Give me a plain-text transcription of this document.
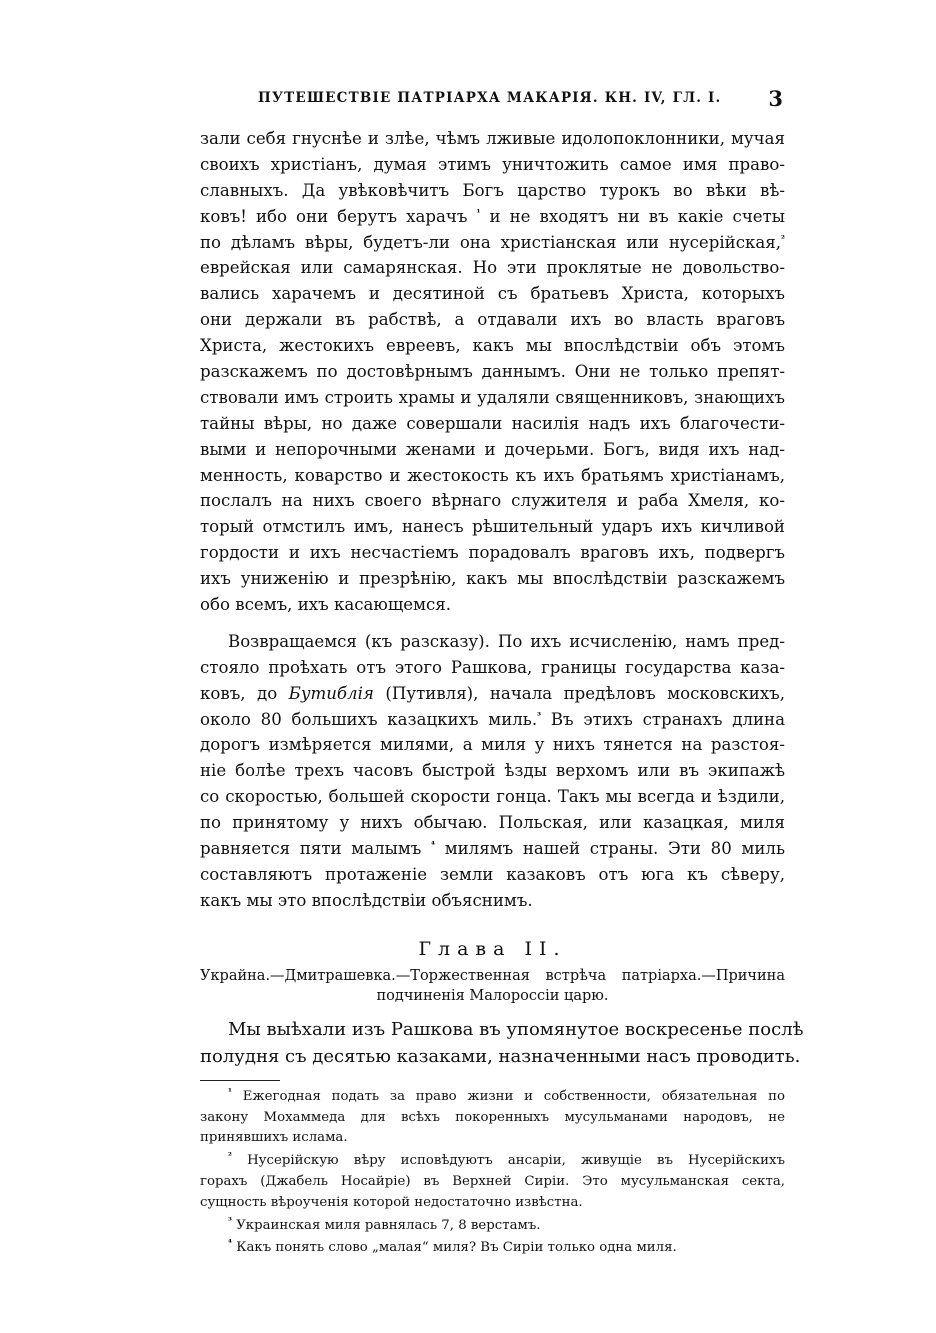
ПУТЕШЕСТВІЕ ПАТРІАРХА МАКАРІЯ. КН. IV, ГЛ. I. 3
зали себя гнуснѣе и злѣе, чѣмъ лживые идолопоклонники, мучая
своихъ христіанъ, думая этимъ уничтожить самое имя право-
славныхъ. Да увѣковѣчитъ Богъ царство турокъ во вѣки вѣ-
ковъ! ибо они берутъ харачъ $^{^1}$ и не входятъ ни въ какіе счеты
по дѣламъ вѣры, будетъ-ли она христіанская или нусерійская,$^{^2}$
еврейская или самарянская. Но эти проклятые не довольство-
вались харачемъ и десятиной съ братьевъ Христа, которыхъ
они держали въ рабствѣ, а отдавали ихъ во власть враговъ
Христа, жестокихъ евреевъ, какъ мы впослѣдствіи объ этомъ
разскажемъ по достовѣрнымъ даннымъ. Они не только препят-
ствовали имъ строить храмы и удаляли священниковъ, знающихъ
тайны вѣры, но даже совершали насилія надъ ихъ благочести-
выми и непорочными женами и дочерьми. Богъ, видя ихъ над-
менность, коварство и жестокость къ ихъ братьямъ христіанамъ,
послалъ на нихъ своего вѣрнаго служителя и раба Хмеля, ко-
торый отмстилъ имъ, нанесъ рѣшительный ударъ ихъ кичливой
гордости и ихъ несчастіемъ порадовалъ враговъ ихъ, подвергъ
ихъ униженію и презрѣнію, какъ мы впослѣдствіи разскажемъ
обо всемъ, ихъ касающемся.
Возвращаемся (къ разсказу). По ихъ исчисленію, намъ пред-
стояло проѣхать отъ этого Рашкова, границы государства каза-
ковъ, до Бутиблія (Путивля), начала предѣловъ московскихъ,
около 80 большихъ казацкихъ миль.$^{^3}$ Въ этихъ странахъ длина
дорогъ измѣряется милями, а миля у нихъ тянется на разстоя-
ніе болѣе трехъ часовъ быстрой ѣзды верхомъ или въ экипажѣ
со скоростью, большей скорости гонца. Такъ мы всегда и ѣздили,
по принятому у нихъ обычаю. Польская, или казацкая, миля
равняется пяти малымъ $^{^4}$ милямъ нашей страны. Эти 80 миль
составляютъ протаженіе земли казаковъ отъ юга къ сѣверу,
какъ мы это впослѣдствіи объяснимъ.
Глава II.
Украйна.—Дмитрашевка.—Торжественная встрѣча патріарха.—Причина
подчиненія Малороссіи царю.
Мы выѣхали изъ Рашкова въ упомянутое воскресенье послѣ
полудня съ десятью казаками, назначенными насъ проводить.
$^{^1}$ Ежегодная подать за право жизни и собственности, обязательная по
закону Мохаммеда для всѣхъ покоренныхъ мусульманами народовъ, не
принявшихъ ислама.
$^{^2}$ Нусерійскую вѣру исповѣдуютъ ансаріи, живущіе въ Нусерійскихъ
горахъ (Джабель Носайріе) въ Верхней Сиріи. Это мусульманская секта,
сущность вѣроученія которой недостаточно извѣстна.
$^{^3}$ Украинская миля равнялась 7, 8 верстамъ.
$^{^4}$ Какъ понять слово „малая“ миля? Въ Сиріи только одна миля.
